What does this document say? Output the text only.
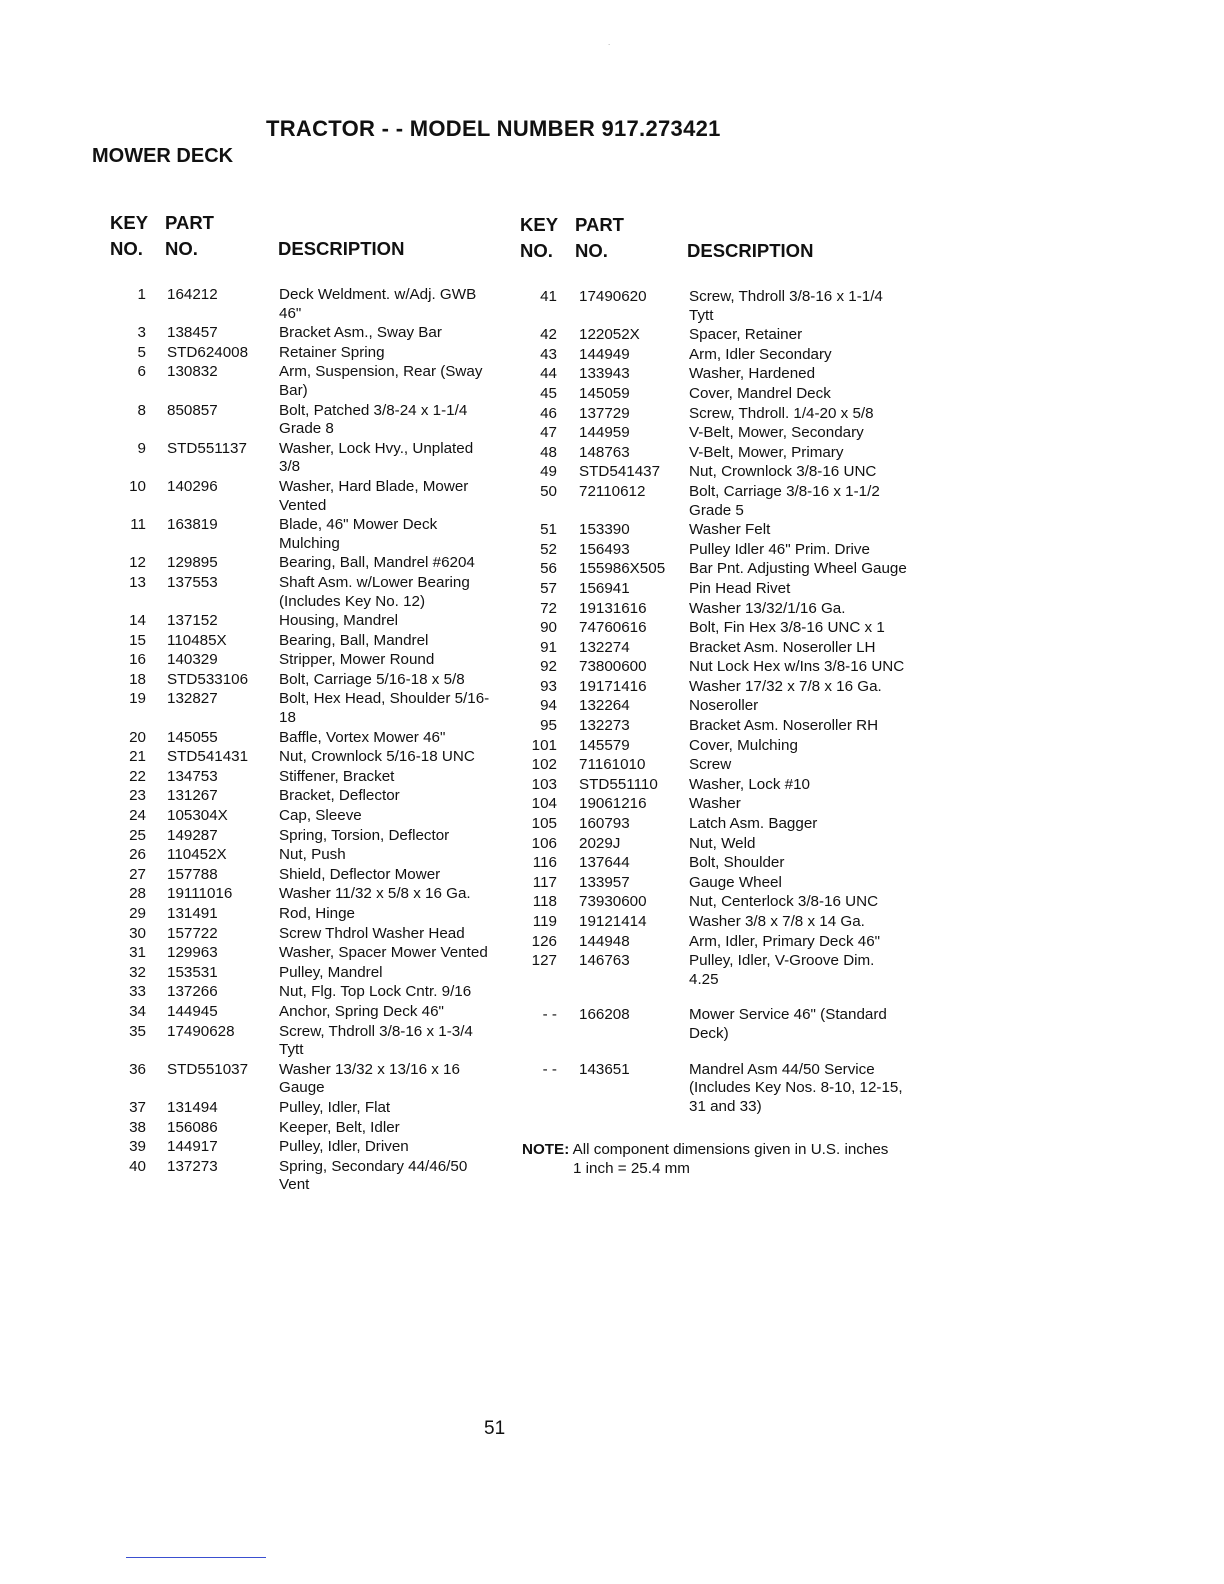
.
TRACTOR - - MODEL NUMBER 917.273421
MOWER DECK
KEY
NO.
PART
NO.	DESCRIPTION
1	164212	Deck Weldment. w/Adj. GWB 46"
3	138457	Bracket Asm., Sway Bar
5	STD624008	Retainer Spring
6	130832	Arm, Suspension, Rear (Sway Bar)
8	850857	Bolt, Patched 3/8-24 x 1-1/4 Grade 8
9	STD551137	Washer, Lock Hvy., Unplated 3/8
10	140296	Washer, Hard Blade, Mower Vented
11	163819	Blade, 46" Mower Deck Mulching
12	129895	Bearing, Ball, Mandrel #6204
13	137553	Shaft Asm. w/Lower Bearing (Includes Key No. 12)
14	137152	Housing, Mandrel
15	110485X	Bearing, Ball, Mandrel
16	140329	Stripper, Mower Round
18	STD533106	Bolt, Carriage 5/16-18 x 5/8
19	132827	Bolt, Hex Head, Shoulder 5/16-18
20	145055	Baffle, Vortex Mower 46"
21	STD541431	Nut, Crownlock 5/16-18 UNC
22	134753	Stiffener, Bracket
23	131267	Bracket, Deflector
24	105304X	Cap, Sleeve
25	149287	Spring, Torsion, Deflector
26	110452X	Nut, Push
27	157788	Shield, Deflector Mower
28	19111016	Washer 11/32 x 5/8 x 16 Ga.
29	131491	Rod, Hinge
30	157722	Screw Thdrol Washer Head
31	129963	Washer, Spacer Mower Vented
32	153531	Pulley, Mandrel
33	137266	Nut, Flg. Top Lock Cntr. 9/16
34	144945	Anchor, Spring Deck 46"
35	17490628	Screw, Thdroll 3/8-16 x 1-3/4 Tytt
36	STD551037	Washer 13/32 x 13/16 x 16 Gauge
37	131494	Pulley, Idler, Flat
38	156086	Keeper, Belt, Idler
39	144917	Pulley, Idler, Driven
40	137273	Spring, Secondary 44/46/50 Vent
KEY
NO.
PART
NO.	DESCRIPTION
41	17490620	Screw, Thdroll 3/8-16 x 1-1/4 Tytt
42	122052X	Spacer, Retainer
43	144949	Arm, Idler Secondary
44	133943	Washer, Hardened
45	145059	Cover, Mandrel Deck
46	137729	Screw, Thdroll. 1/4-20 x 5/8
47	144959	V-Belt, Mower, Secondary
48	148763	V-Belt, Mower, Primary
49	STD541437	Nut, Crownlock 3/8-16 UNC
50	72110612	Bolt, Carriage 3/8-16 x 1-1/2 Grade 5
51	153390	Washer Felt
52	156493	Pulley Idler 46" Prim. Drive
56	155986X505	Bar Pnt. Adjusting Wheel Gauge
57	156941	Pin Head Rivet
72	19131616	Washer 13/32/1/16 Ga.
90	74760616	Bolt, Fin Hex 3/8-16 UNC x 1
91	132274	Bracket Asm. Noseroller LH
92	73800600	Nut Lock Hex w/Ins 3/8-16 UNC
93	19171416	Washer 17/32 x 7/8 x 16 Ga.
94	132264	Noseroller
95	132273	Bracket Asm. Noseroller RH
101	145579	Cover, Mulching
102	71161010	Screw
103	STD551110	Washer, Lock #10
104	19061216	Washer
105	160793	Latch Asm. Bagger
106	2029J	Nut, Weld
116	137644	Bolt, Shoulder
117	133957	Gauge Wheel
118	73930600	Nut, Centerlock 3/8-16 UNC
119	19121414	Washer 3/8 x 7/8 x 14 Ga.
126	144948	Arm, Idler, Primary Deck 46"
127	146763	Pulley, Idler, V-Groove Dim. 4.25
- -	166208	Mower Service 46" (Standard Deck)
- -	143651	Mandrel Asm 44/50 Service (Includes Key Nos. 8-10, 12-15, 31 and 33)
NOTE: All component dimensions given in U.S. inches
1 inch = 25.4 mm
51
